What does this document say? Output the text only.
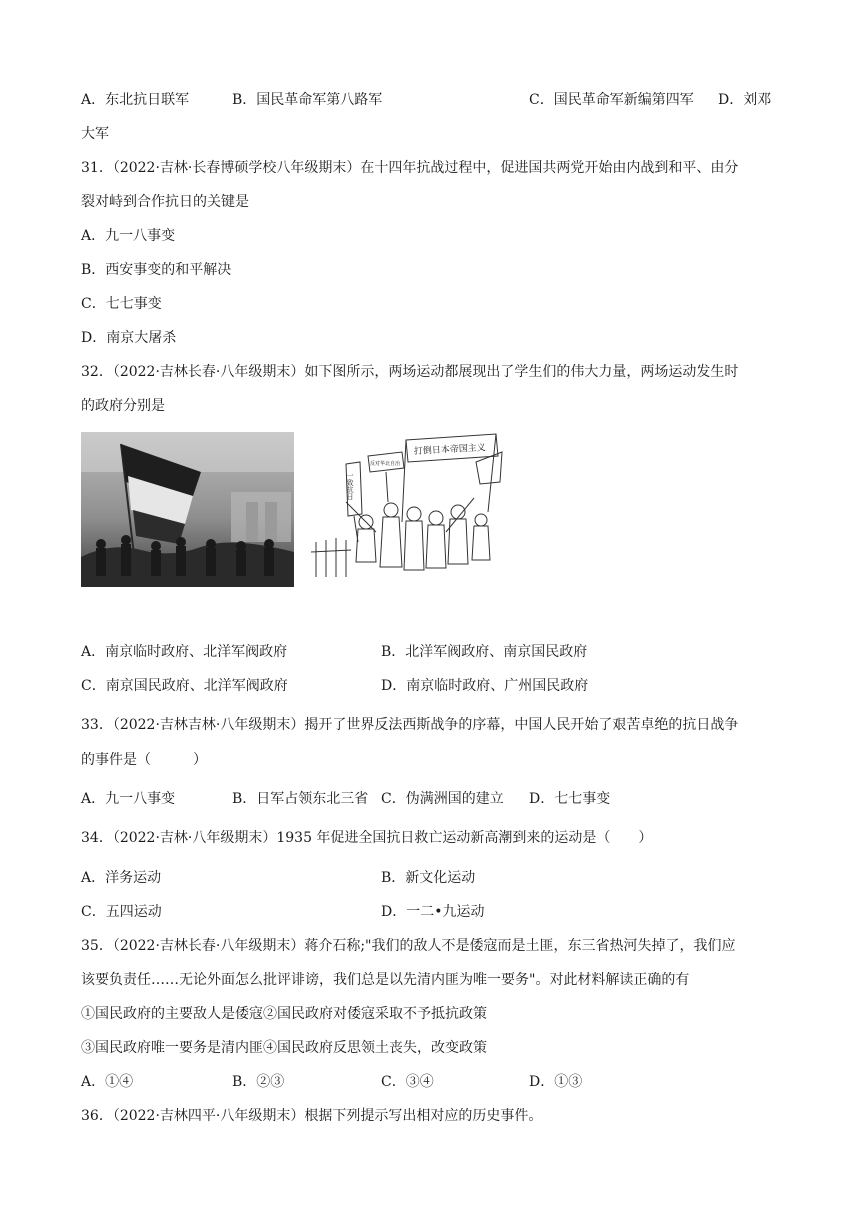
A．东北抗日联军	B．国民革命军第八路军	C．国民革命军新编第四军 D．刘邓
大军
31．（2022·吉林·长春博硕学校八年级期末）在十四年抗战过程中，促进国共两党开始由内战到和平、由分
裂对峙到合作抗日的关键是
A．九一八事变
B．西安事变的和平解决
C．七七事变
D．南京大屠杀
32．（2022·吉林长春·八年级期末）如下图所示，两场运动都展现出了学生们的伟大力量，两场运动发生时
的政府分别是
打倒日本帝国主义
一致抗日
反对华北自治
A．南京临时政府、北洋军阀政府	B．北洋军阀政府、南京国民政府
C．南京国民政府、北洋军阀政府	D．南京临时政府、广州国民政府
33．（2022·吉林吉林·八年级期末）揭开了世界反法西斯战争的序幕，中国人民开始了艰苦卓绝的抗日战争
的事件是（　　　）
A．九一八事变	B．日军占领东北三省 C．伪满洲国的建立 D．七七事变
34．（2022·吉林·八年级期末）1935 年促进全国抗日救亡运动新高潮到来的运动是（　　）
A．洋务运动	B．新文化运动
C．五四运动	D．一二•九运动
35．（2022·吉林长春·八年级期末）蒋介石称;"我们的敌人不是倭寇而是土匪，东三省热河失掉了，我们应
该要负责任……无论外面怎么批评诽谤，我们总是以先清内匪为唯一要务"。对此材料解读正确的有
①国民政府的主要敌人是倭寇②国民政府对倭寇采取不予抵抗政策
③国民政府唯一要务是清内匪④国民政府反思领土丧失，改变政策
A．①④	B．②③	C．③④	D．①③
36．（2022·吉林四平·八年级期末）根据下列提示写出相对应的历史事件。
